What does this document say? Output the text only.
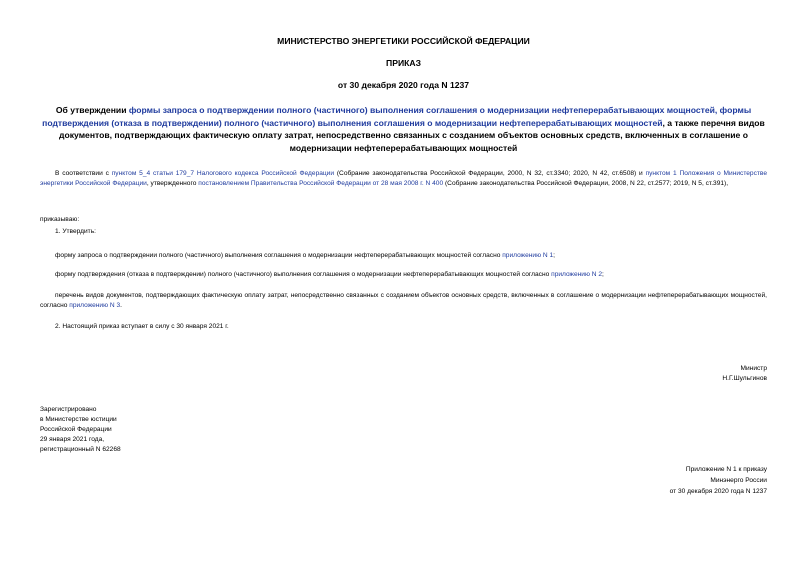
МИНИСТЕРСТВО ЭНЕРГЕТИКИ РОССИЙСКОЙ ФЕДЕРАЦИИ
ПРИКАЗ
от 30 декабря 2020 года N 1237
Об утверждении формы запроса о подтверждении полного (частичного) выполнения соглашения о модернизации нефтеперерабатывающих мощностей, формы подтверждения (отказа в подтверждении) полного (частичного) выполнения соглашения о модернизации нефтеперерабатывающих мощностей, а также перечня видов документов, подтверждающих фактическую оплату затрат, непосредственно связанных с созданием объектов основных средств, включенных в соглашение о модернизации нефтеперерабатывающих мощностей
В соответствии с пунктом 5_4 статьи 179_7 Налогового кодекса Российской Федерации (Собрание законодательства Российской Федерации, 2000, N 32, ст.3340; 2020, N 42, ст.6508) и пунктом 1 Положения о Министерстве энергетики Российской Федерации, утвержденного постановлением Правительства Российской Федерации от 28 мая 2008 г. N 400 (Собрание законодательства Российской Федерации, 2008, N 22, ст.2577; 2019, N 5, ст.391),
приказываю:
1. Утвердить:
форму запроса о подтверждении полного (частичного) выполнения соглашения о модернизации нефтеперерабатывающих мощностей согласно приложению N 1;
форму подтверждения (отказа в подтверждении) полного (частичного) выполнения соглашения о модернизации нефтеперерабатывающих мощностей согласно приложению N 2;
перечень видов документов, подтверждающих фактическую оплату затрат, непосредственно связанных с созданием объектов основных средств, включенных в соглашение о модернизации нефтеперерабатывающих мощностей, согласно приложению N 3.
2. Настоящий приказ вступает в силу с 30 января 2021 г.
Министр
Н.Г.Шульгинов
Зарегистрировано
в Министерстве юстиции
Российской Федерации
29 января 2021 года,
регистрационный N 62268
Приложение N 1 к приказу
Минэнерго России
от 30 декабря 2020 года N 1237
